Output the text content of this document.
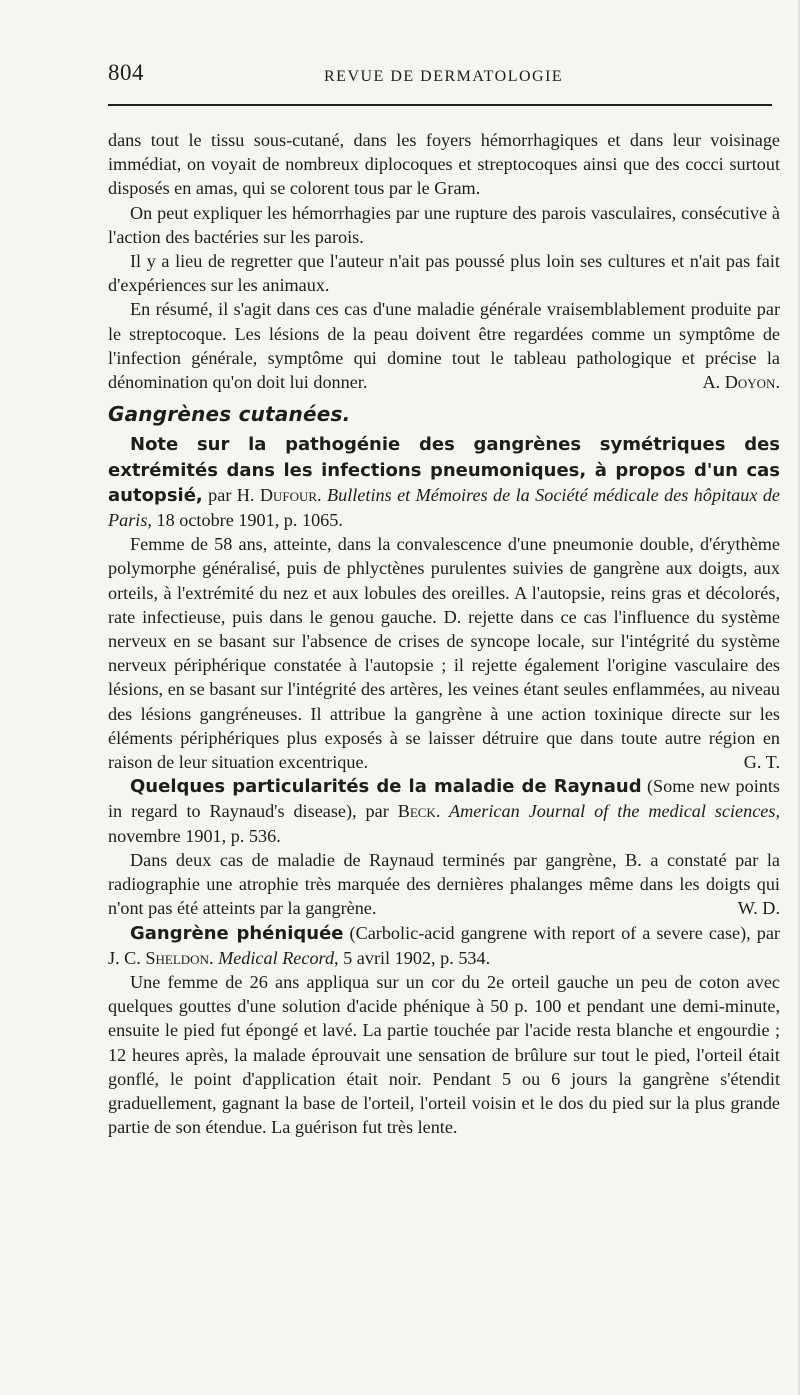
804	REVUE DE DERMATOLOGIE

dans tout le tissu sous-cutané, dans les foyers hémorrhagiques et dans leur voisinage immédiat, on voyait de nombreux diplocoques et streptocoques ainsi que des cocci surtout disposés en amas, qui se colorent tous par le Gram.

On peut expliquer les hémorrhagies par une rupture des parois vasculaires, consécutive à l'action des bactéries sur les parois.

Il y a lieu de regretter que l'auteur n'ait pas poussé plus loin ses cultures et n'ait pas fait d'expériences sur les animaux.

En résumé, il s'agit dans ces cas d'une maladie générale vraisemblablement produite par le streptocoque. Les lésions de la peau doivent être regardées comme un symptôme de l'infection générale, symptôme qui domine tout le tableau pathologique et précise la dénomination qu'on doit lui donner.	A. Doyon.

Gangrènes cutanées.

Note sur la pathogénie des gangrènes symétriques des extrémités dans les infections pneumoniques, à propos d'un cas autopsié, par H. Dufour. Bulletins et Mémoires de la Société médicale des hôpitaux de Paris, 18 octobre 1901, p. 1065.

Femme de 58 ans, atteinte, dans la convalescence d'une pneumonie double, d'érythème polymorphe généralisé, puis de phlyctènes purulentes suivies de gangrène aux doigts, aux orteils, à l'extrémité du nez et aux lobules des oreilles. A l'autopsie, reins gras et décolorés, rate infectieuse, puis dans le genou gauche. D. rejette dans ce cas l'influence du système nerveux en se basant sur l'absence de crises de syncope locale, sur l'intégrité du système nerveux périphérique constatée à l'autopsie ; il rejette également l'origine vasculaire des lésions, en se basant sur l'intégrité des artères, les veines étant seules enflammées, au niveau des lésions gangréneuses. Il attribue la gangrène à une action toxinique directe sur les éléments périphériques plus exposés à se laisser détruire que dans toute autre région en raison de leur situation excentrique.	G. T.

Quelques particularités de la maladie de Raynaud (Some new points in regard to Raynaud's disease), par Beck. American Journal of the medical sciences, novembre 1901, p. 536.

Dans deux cas de maladie de Raynaud terminés par gangrène, B. a constaté par la radiographie une atrophie très marquée des dernières phalanges même dans les doigts qui n'ont pas été atteints par la gangrène.	W. D.

Gangrène phéniquée (Carbolic-acid gangrene with report of a severe case), par J. C. Sheldon. Medical Record, 5 avril 1902, p. 534.

Une femme de 26 ans appliqua sur un cor du 2e orteil gauche un peu de coton avec quelques gouttes d'une solution d'acide phénique à 50 p. 100 et pendant une demi-minute, ensuite le pied fut épongé et lavé. La partie touchée par l'acide resta blanche et engourdie ; 12 heures après, la malade éprouvait une sensation de brûlure sur tout le pied, l'orteil était gonflé, le point d'application était noir. Pendant 5 ou 6 jours la gangrène s'étendit graduellement, gagnant la base de l'orteil, l'orteil voisin et le dos du pied sur la plus grande partie de son étendue. La guérison fut très lente.
